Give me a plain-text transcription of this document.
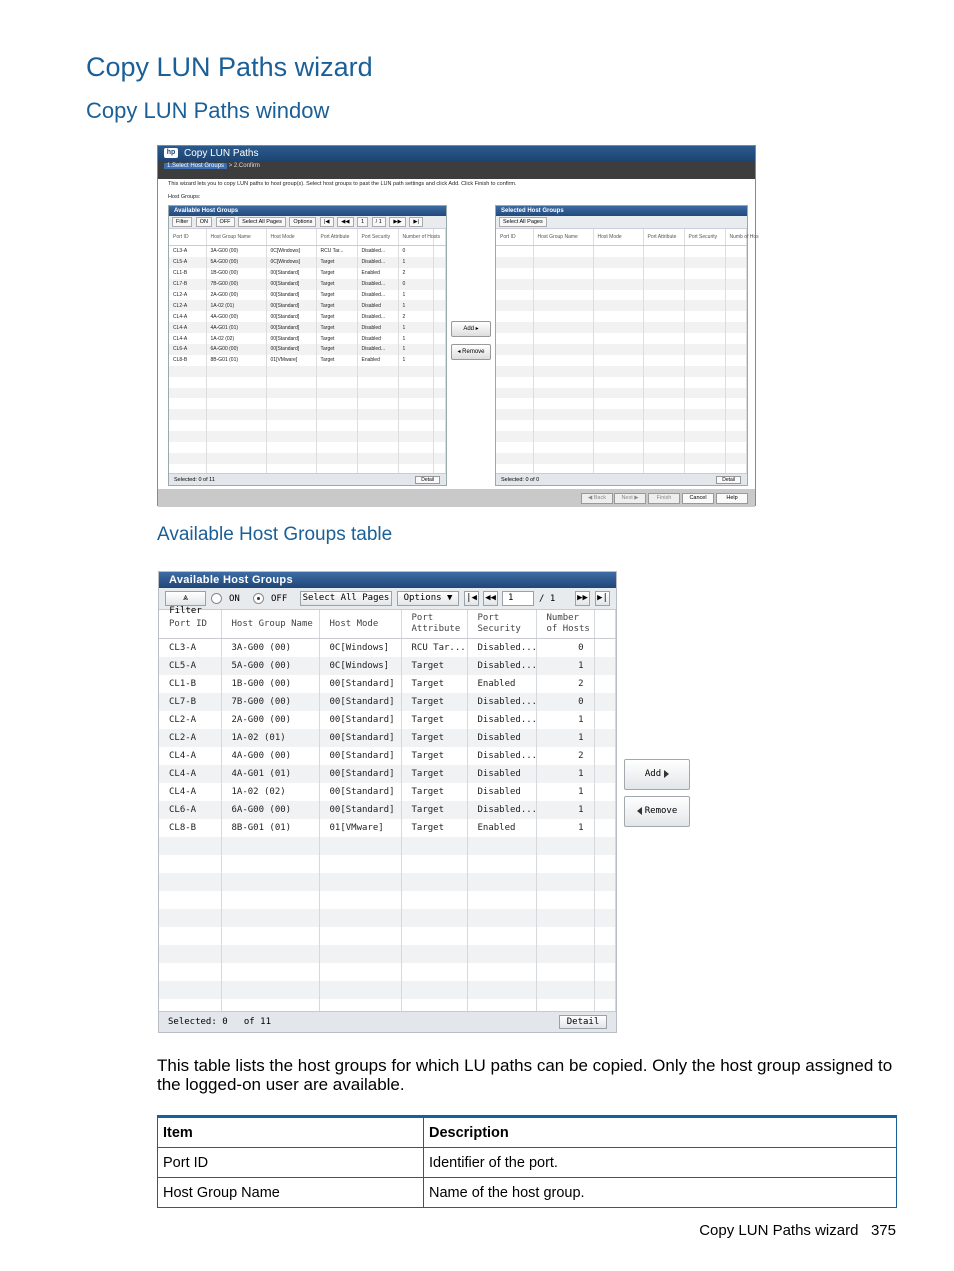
Copy LUN Paths wizard
Copy LUN Paths window
hp Copy LUN Paths
1.Select Host Groups > 2.Confirm
This wizard lets you to copy LUN paths to host group(s). Select host groups to past the LUN path settings and click Add. Click Finish to confirm.
Host Groups:
Available Host Groups
Filter ON OFF Select All Pages Options |◀ ◀◀ 1 / 1 ▶▶ ▶|
Port ID	Host Group Name	Host Mode	Port Attribute	Port Security	Number of Hosts	
CL3-A	3A-G00 (00)	0C[Windows]	RCU Tar...	Disabled...	0	
CL5-A	5A-G00 (00)	0C[Windows]	Target	Disabled...	1	
CL1-B	1B-G00 (00)	00[Standard]	Target	Enabled	2	
CL7-B	7B-G00 (00)	00[Standard]	Target	Disabled...	0	
CL2-A	2A-G00 (00)	00[Standard]	Target	Disabled...	1	
CL2-A	1A-02 (01)	00[Standard]	Target	Disabled	1	
CL4-A	4A-G00 (00)	00[Standard]	Target	Disabled...	2	
CL4-A	4A-G01 (01)	00[Standard]	Target	Disabled	1	
CL4-A	1A-02 (02)	00[Standard]	Target	Disabled	1	
CL6-A	6A-G00 (00)	00[Standard]	Target	Disabled...	1	
CL8-B	8B-G01 (01)	01[VMware]	Target	Enabled	1	

Selected: 0 of 11	Detail
Add ▸
◂ Remove
Selected Host Groups
Select All Pages
Port ID	Host Group Name	Host Mode	Port Attribute	Port Security	Numb of Hos

Selected: 0 of 0	Detail
◀ Back	Next ▶	Finish	Cancel	Help
Available Host Groups table
Available Host Groups
⩓ Filter
ON	OFF Select All Pages	Options ▼	|◀ ◀◀	1	/ 1 ▶▶ ▶|
Port ID	Host Group Name	Host Mode	Port Attribute	Port Security	Number of Hosts	
CL3-A	3A-G00 (00)	0C[Windows]	RCU Tar...	Disabled...	0	
CL5-A	5A-G00 (00)	0C[Windows]	Target	Disabled...	1	
CL1-B	1B-G00 (00)	00[Standard]	Target	Enabled	2	
CL7-B	7B-G00 (00)	00[Standard]	Target	Disabled...	0	
CL2-A	2A-G00 (00)	00[Standard]	Target	Disabled...	1	
CL2-A	1A-02 (01)	00[Standard]	Target	Disabled	1	
CL4-A	4A-G00 (00)	00[Standard]	Target	Disabled...	2	
CL4-A	4A-G01 (01)	00[Standard]	Target	Disabled	1	
CL4-A	1A-02 (02)	00[Standard]	Target	Disabled	1	
CL6-A	6A-G00 (00)	00[Standard]	Target	Disabled...	1	
CL8-B	8B-G01 (01)	01[VMware]	Target	Enabled	1	

Selected: 0 of 11	Detail
Add
Remove
This table lists the host groups for which LU paths can be copied. Only the host group assigned to the logged-on user are available.
Item	Description
Port ID	Identifier of the port.
Host Group Name	Name of the host group.
Copy LUN Paths wizard 375
